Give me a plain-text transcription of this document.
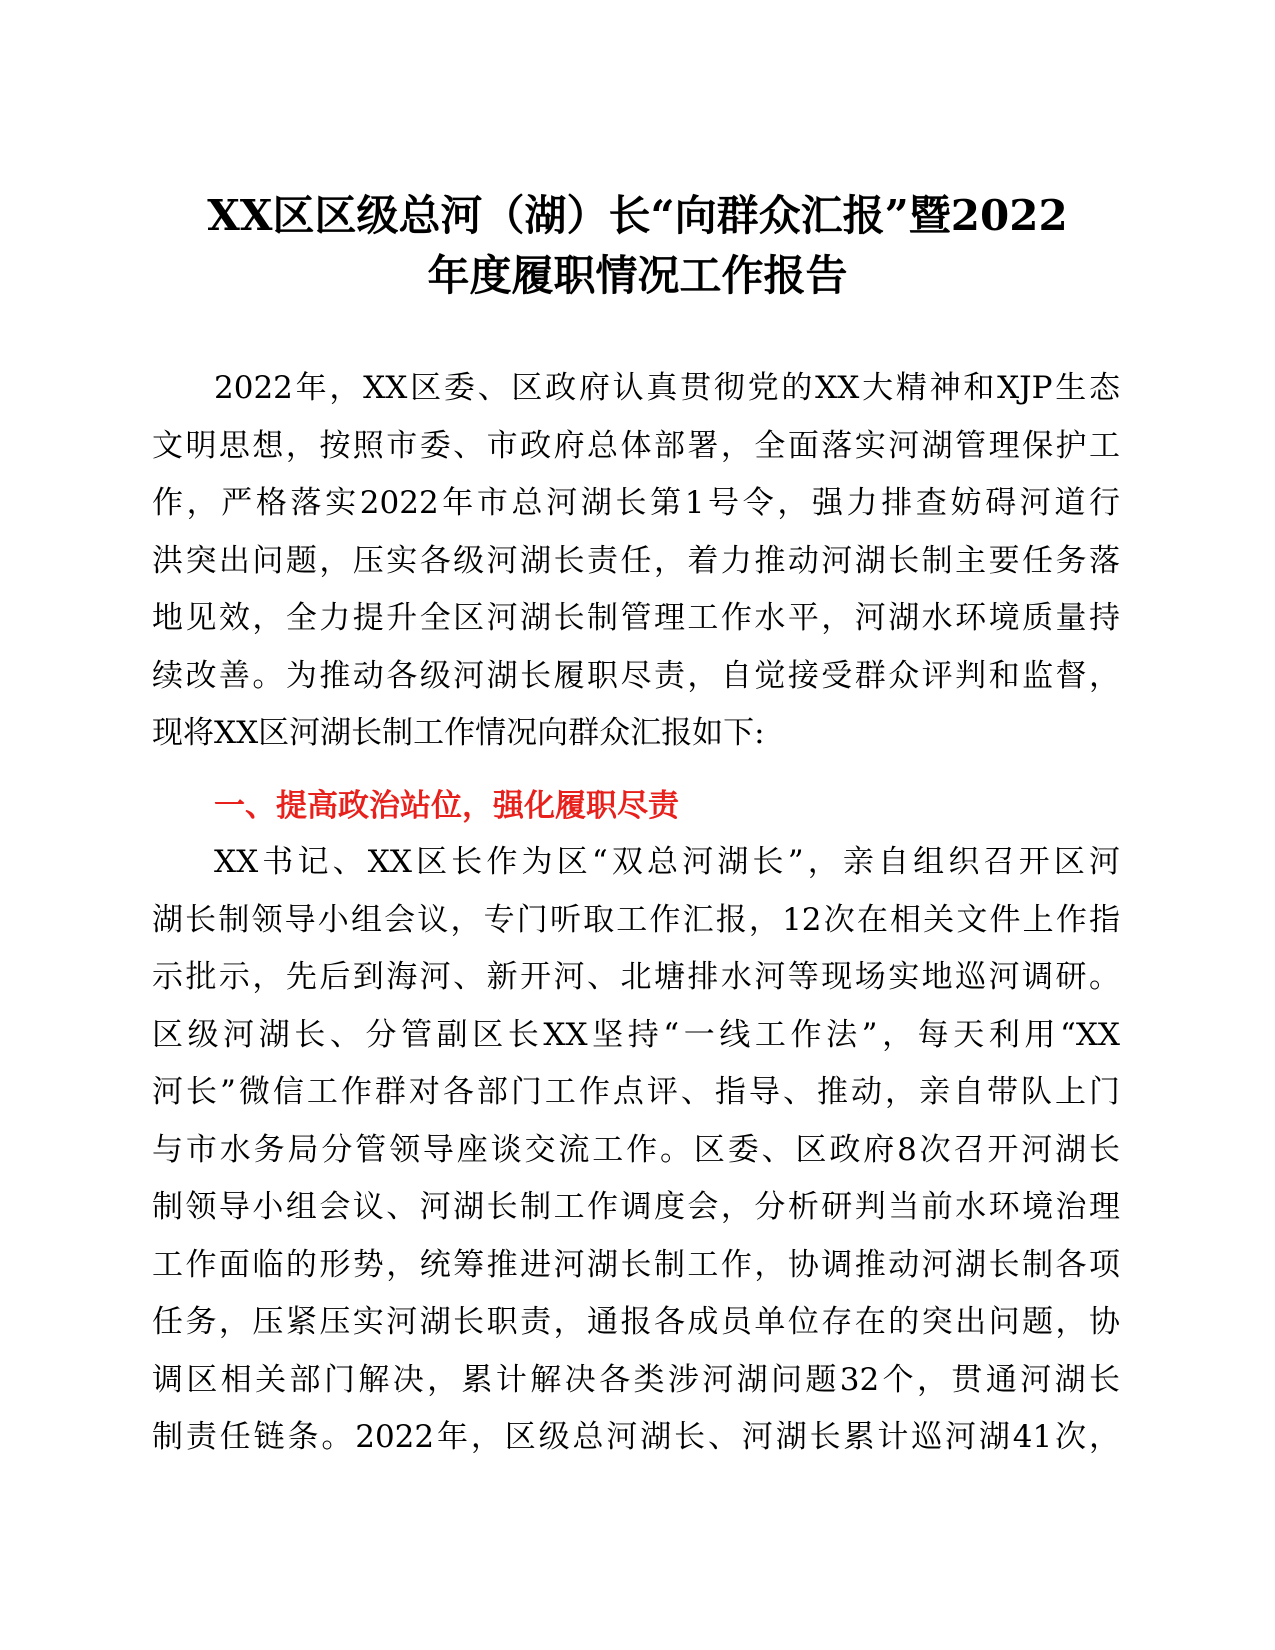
XX区区级总河（湖）长“向群众汇报”暨2022
年度履职情况工作报告

2022年，XX区委、区政府认真贯彻党的XX大精神和XJP生态
文明思想，按照市委、市政府总体部署，全面落实河湖管理保护工
作，严格落实2022年市总河湖长第1号令，强力排查妨碍河道行
洪突出问题，压实各级河湖长责任，着力推动河湖长制主要任务落
地见效，全力提升全区河湖长制管理工作水平，河湖水环境质量持
续改善。为推动各级河湖长履职尽责，自觉接受群众评判和监督，
现将XX区河湖长制工作情况向群众汇报如下:

一、提高政治站位，强化履职尽责

XX书记、XX区长作为区“双总河湖长”，亲自组织召开区河
湖长制领导小组会议，专门听取工作汇报，12次在相关文件上作指
示批示，先后到海河、新开河、北塘排水河等现场实地巡河调研。
区级河湖长、分管副区长XX坚持“一线工作法”，每天利用“XX
河长”微信工作群对各部门工作点评、指导、推动，亲自带队上门
与市水务局分管领导座谈交流工作。区委、区政府8次召开河湖长
制领导小组会议、河湖长制工作调度会，分析研判当前水环境治理
工作面临的形势，统筹推进河湖长制工作，协调推动河湖长制各项
任务，压紧压实河湖长职责，通报各成员单位存在的突出问题，协
调区相关部门解决，累计解决各类涉河湖问题32个，贯通河湖长
制责任链条。2022年，区级总河湖长、河湖长累计巡河湖41次，
